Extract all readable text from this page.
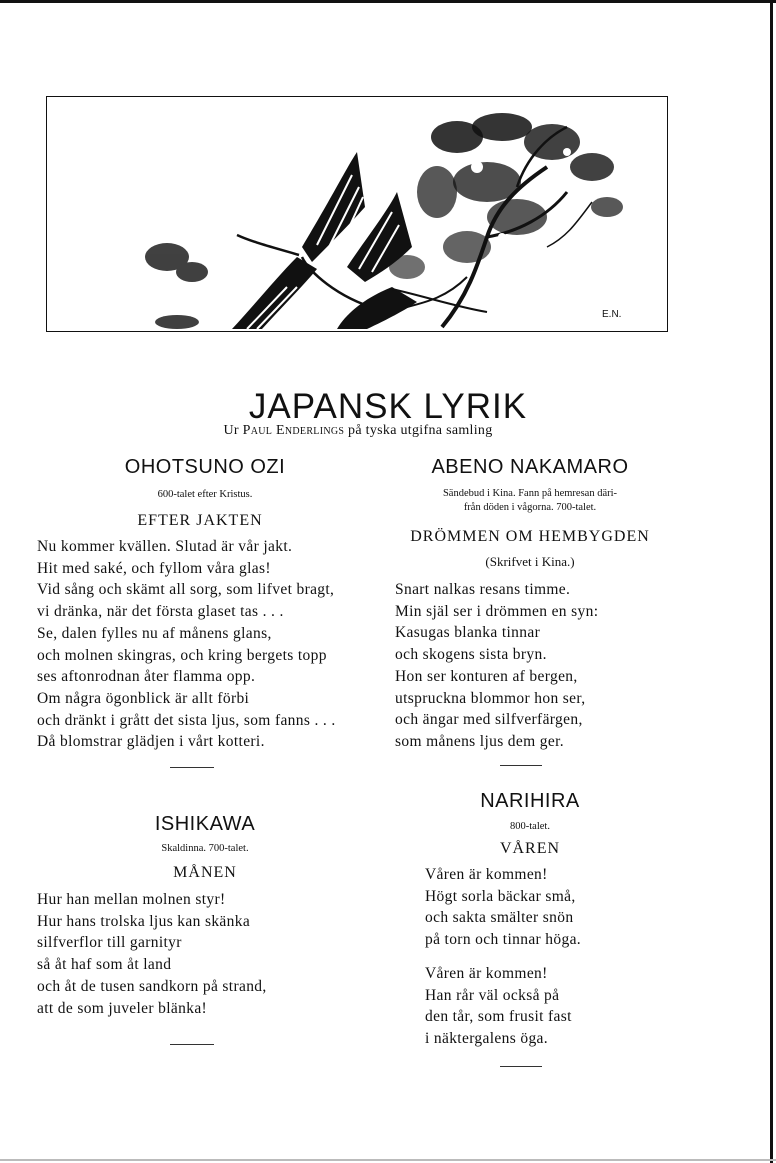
E.N.
JAPANSK LYRIK
Ur Paul Enderlings på tyska utgifna samling
OHOTSUNO OZI
600-talet efter Kristus.
EFTER JAKTEN
Nu kommer kvällen. Slutad är vår jakt.
Hit med saké, och fyllom våra glas!
Vid sång och skämt all sorg, som lifvet bragt,
vi dränka, när det första glaset tas . . .
Se, dalen fylles nu af månens glans,
och molnen skingras, och kring bergets topp
ses aftonrodnan åter flamma opp.
Om några ögonblick är allt förbi
och dränkt i grått det sista ljus, som fanns . . .
Då blomstrar glädjen i vårt kotteri.
ABENO NAKAMARO
Sändebud i Kina. Fann på hemresan däri-
från döden i vågorna. 700-talet.
DRÖMMEN OM HEMBYGDEN
(Skrifvet i Kina.)
Snart nalkas resans timme.
Min själ ser i drömmen en syn:
Kasugas blanka tinnar
och skogens sista bryn.
Hon ser konturen af bergen,
utspruckna blommor hon ser,
och ängar med silfverfärgen,
som månens ljus dem ger.
ISHIKAWA
Skaldinna. 700-talet.
MÅNEN
Hur han mellan molnen styr!
Hur hans trolska ljus kan skänka
silfverflor till garnityr
så åt haf som åt land
och åt de tusen sandkorn på strand,
att de som juveler blänka!
NARIHIRA
800-talet.
VÅREN
Våren är kommen!
Högt sorla bäckar små,
och sakta smälter snön
på torn och tinnar höga.
Våren är kommen!
Han rår väl också på
den tår, som frusit fast
i näktergalens öga.
